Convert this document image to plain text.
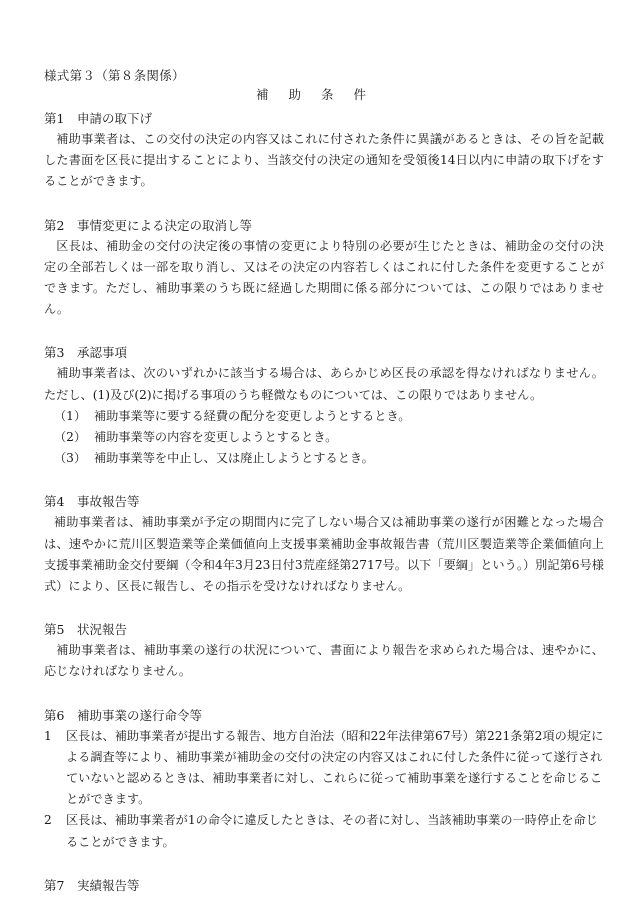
様式第３（第８条関係）
補 助 条 件
第1　申請の取下げ

補助事業者は、この交付の決定の内容又はこれに付された条件に異議があるときは、その旨を記載した書面を区長に提出することにより、当該交付の決定の通知を受領後14日以内に申請の取下げをすることができます。

第2　事情変更による決定の取消し等

区長は、補助金の交付の決定後の事情の変更により特別の必要が生じたときは、補助金の交付の決定の全部若しくは一部を取り消し、又はその決定の内容若しくはこれに付した条件を変更することができます。ただし、補助事業のうち既に経過した期間に係る部分については、この限りではありません。

第3　承認事項

補助事業者は、次のいずれかに該当する場合は、あらかじめ区長の承認を得なければなりません。ただし、(1)及び(2)に掲げる事項のうち軽微なものについては、この限りではありません。

（1） 補助事業等に要する経費の配分を変更しようとするとき。
（2） 補助事業等の内容を変更しようとするとき。
（3） 補助事業等を中止し、又は廃止しようとするとき。
第4　事故報告等

補助事業者は、補助事業が予定の期間内に完了しない場合又は補助事業の遂行が困難となった場合は、速やかに荒川区製造業等企業価値向上支援事業補助金事故報告書（荒川区製造業等企業価値向上支援事業補助金交付要綱（令和4年3月23日付3荒産経第2717号。以下「要綱」という。）別記第6号様式）により、区長に報告し、その指示を受けなければなりません。

第5　状況報告

補助事業者は、補助事業の遂行の状況について、書面により報告を求められた場合は、速やかに、応じなければなりません。

第6　補助事業の遂行命令等
1	区長は、補助事業者が提出する報告、地方自治法（昭和22年法律第67号）第221条第2項の規定による調査等により、補助事業が補助金の交付の決定の内容又はこれに付した条件に従って遂行されていないと認めるときは、補助事業者に対し、これらに従って補助事業を遂行することを命じることができます。
2	区長は、補助事業者が1の命令に違反したときは、その者に対し、当該補助事業の一時停止を命じることができます。
第7　実績報告等
